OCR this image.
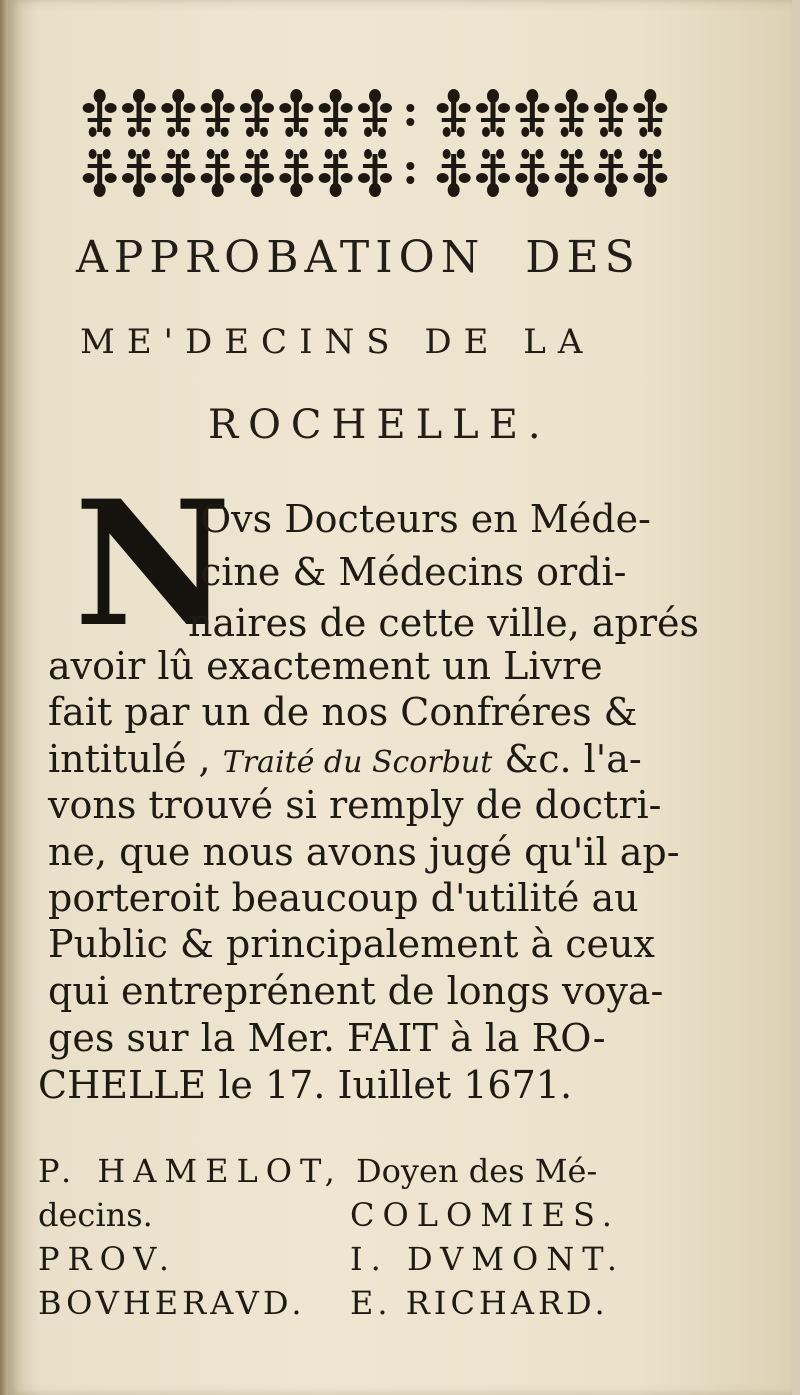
APPROBATION DES
ME'DECINS DE LA
ROCHELLE.
N
Ovs Docteurs en Méde-
cine & Médecins ordi-
naires de cette ville, aprés
avoir lû exactement un Livre
fait par un de nos Confréres &
intitulé , Traité du Scorbut &c. l'a-
vons trouvé si remply de doctri-
ne, que nous avons jugé qu'il ap-
porteroit beaucoup d'utilité au
Public & principalement à ceux
qui entreprénent de longs voya-
ges sur la Mer. FAIT à la RO-
CHELLE le 17. Iuillet 1671.
P. HAMELOT, Doyen des Mé-
decins.	COLOMIES.
PROV.	I. DVMONT.
BOVHERAVD. E. RICHARD.
